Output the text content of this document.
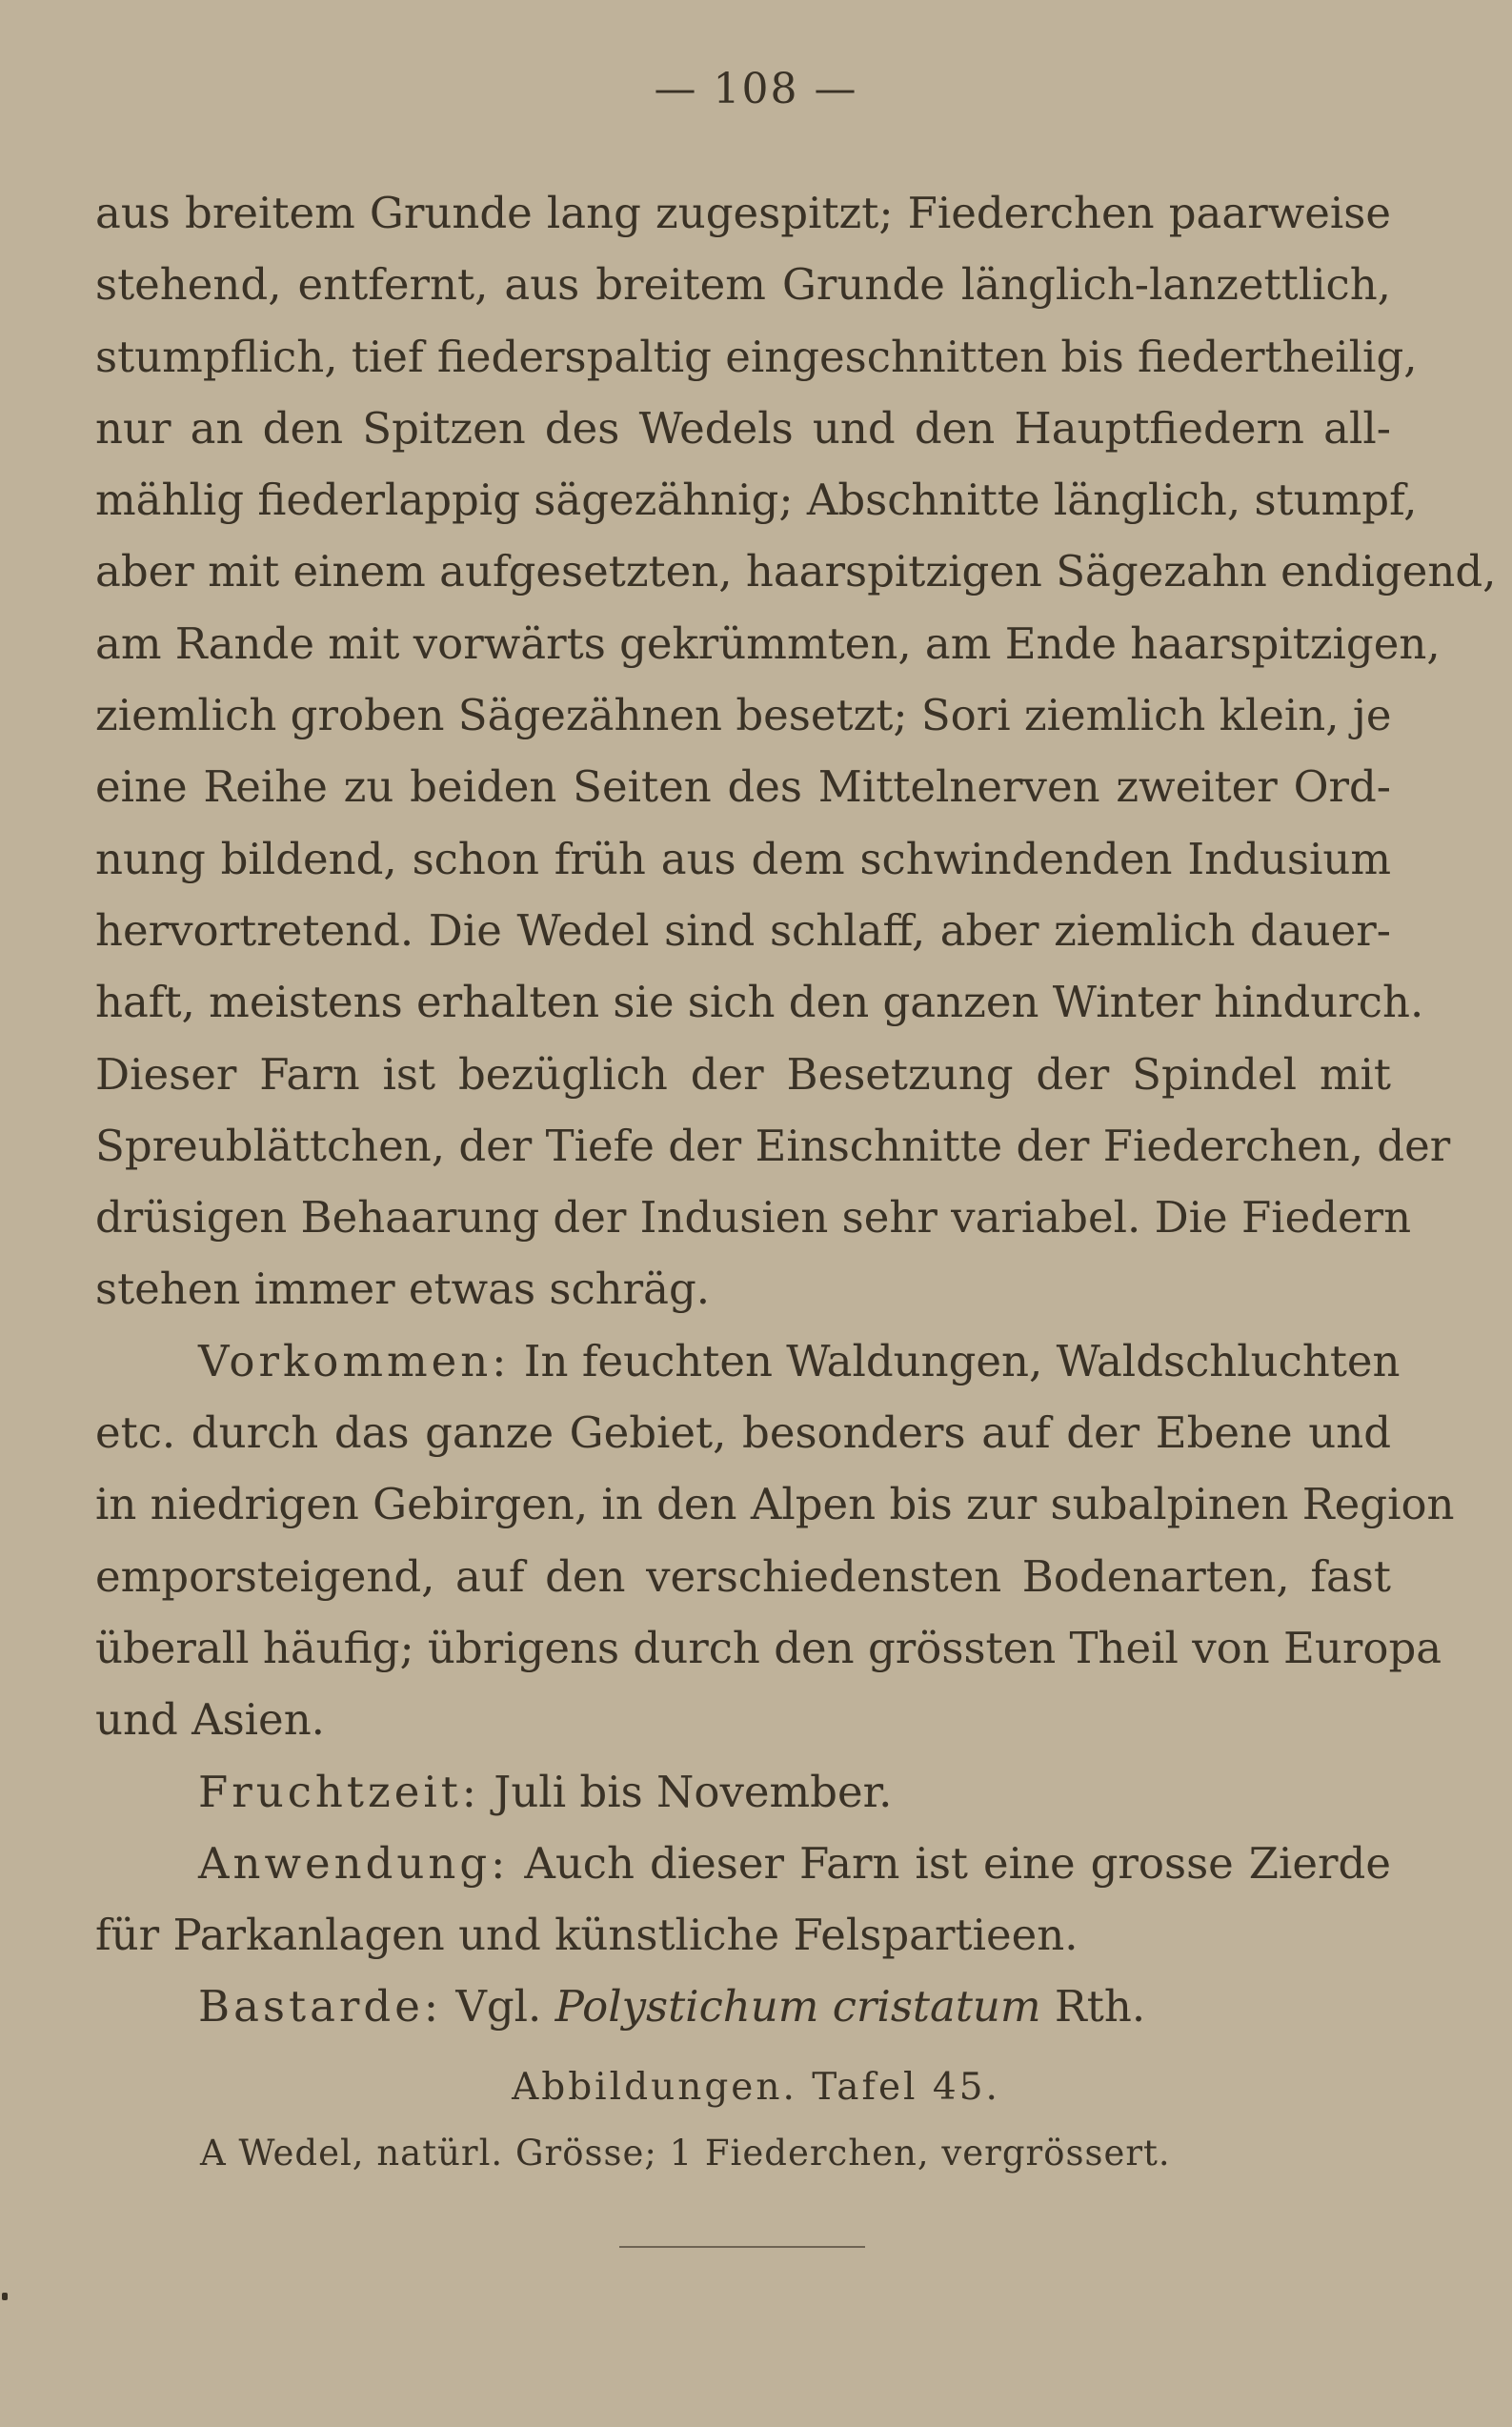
— 108 —
aus breitem Grunde lang zugespitzt; Fiederchen paarweise
stehend, entfernt, aus breitem Grunde länglich-lanzettlich,
stumpflich, tief fiederspaltig eingeschnitten bis fiedertheilig,
nur an den Spitzen des Wedels und den Hauptfiedern all-
mählig fiederlappig sägezähnig; Abschnitte länglich, stumpf,
aber mit einem aufgesetzten, haarspitzigen Sägezahn endigend,
am Rande mit vorwärts gekrümmten, am Ende haarspitzigen,
ziemlich groben Sägezähnen besetzt; Sori ziemlich klein, je
eine Reihe zu beiden Seiten des Mittelnerven zweiter Ord-
nung bildend, schon früh aus dem schwindenden Indusium
hervortretend. Die Wedel sind schlaff, aber ziemlich dauer-
haft, meistens erhalten sie sich den ganzen Winter hindurch.
Dieser Farn ist bezüglich der Besetzung der Spindel mit
Spreublättchen, der Tiefe der Einschnitte der Fiederchen, der
drüsigen Behaarung der Indusien sehr variabel. Die Fiedern
stehen immer etwas schräg.
Vorkommen: In feuchten Waldungen, Waldschluchten
etc. durch das ganze Gebiet, besonders auf der Ebene und
in niedrigen Gebirgen, in den Alpen bis zur subalpinen Region
emporsteigend, auf den verschiedensten Bodenarten, fast
überall häufig; übrigens durch den grössten Theil von Europa
und Asien.
Fruchtzeit: Juli bis November.
Anwendung: Auch dieser Farn ist eine grosse Zierde
für Parkanlagen und künstliche Felspartieen.
Bastarde: Vgl. Polystichum cristatum Rth.
Abbildungen. Tafel 45.
A Wedel, natürl. Grösse; 1 Fiederchen, vergrössert.
